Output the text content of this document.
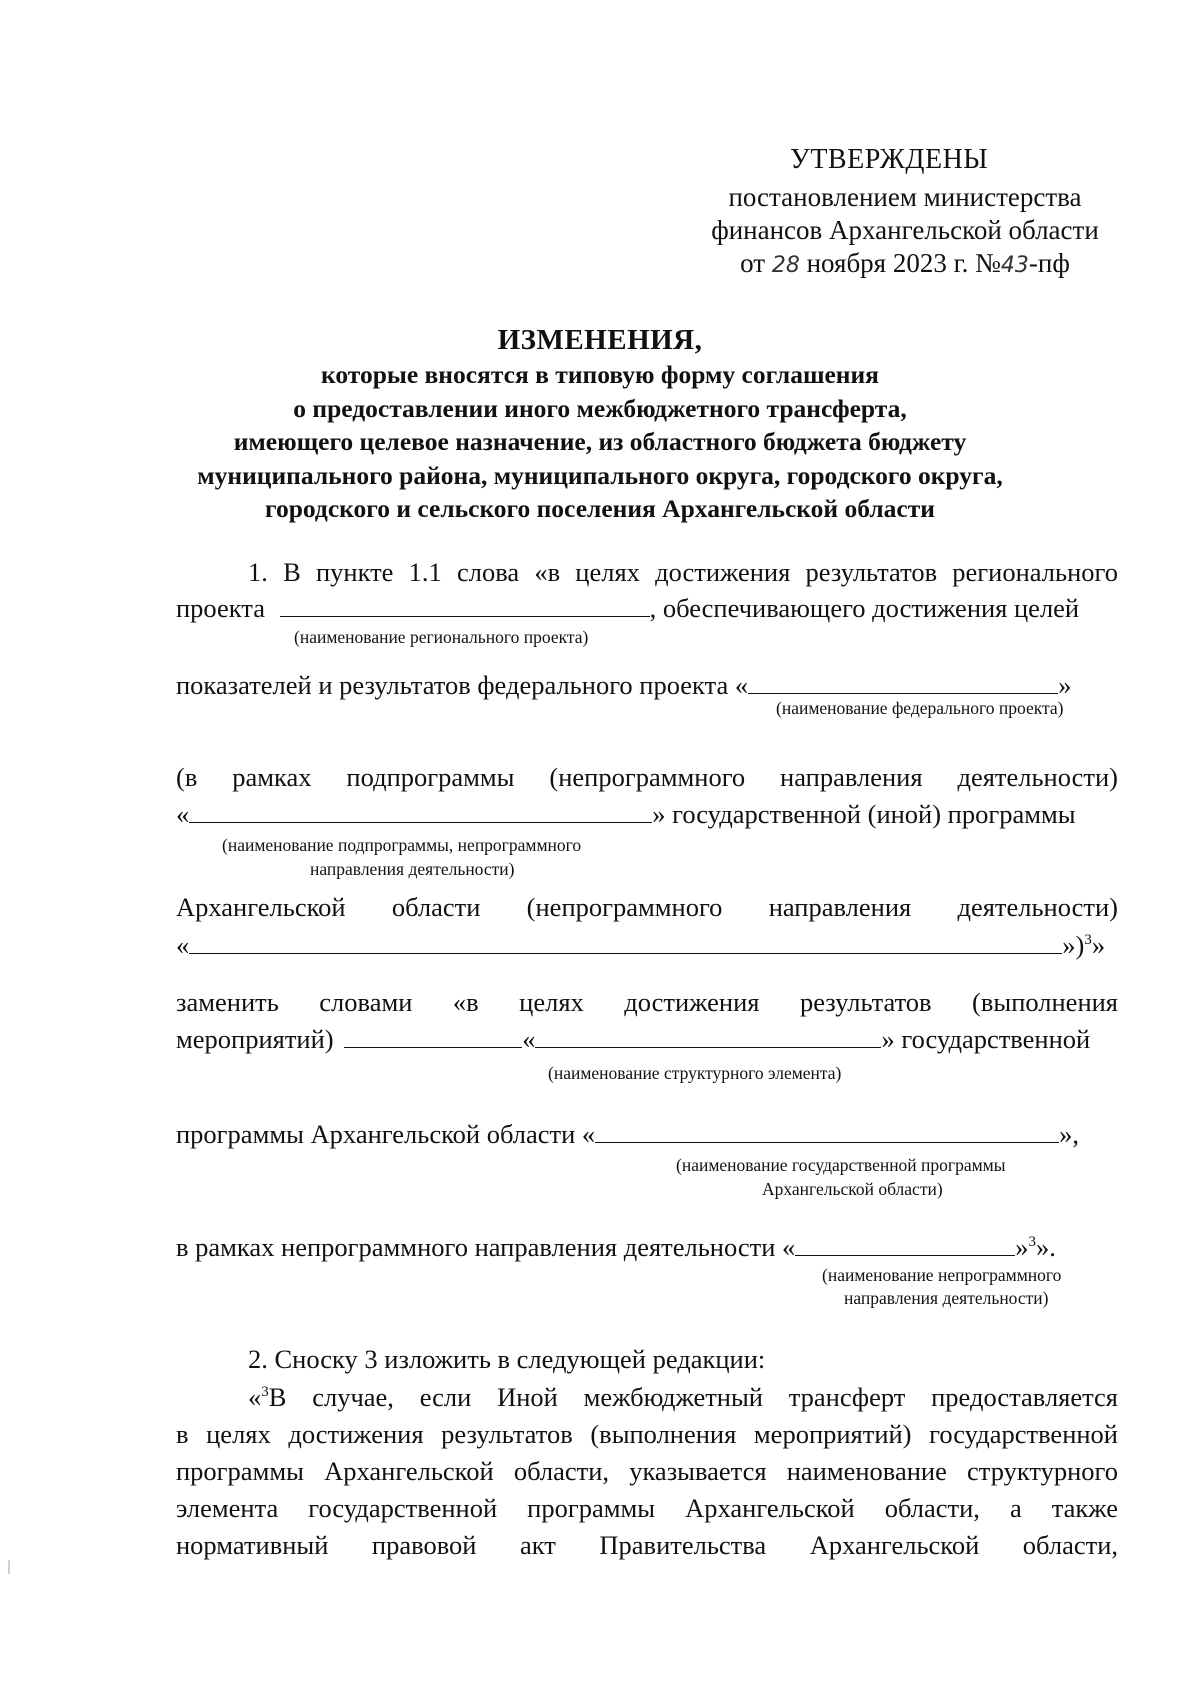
УТВЕРЖДЕНЫ
постановлением министерства
финансов Архангельской области
от 28 ноября 2023 г. №43-пф
ИЗМЕНЕНИЯ,
которые вносятся в типовую форму соглашения
о предоставлении иного межбюджетного трансферта,
имеющего целевое назначение, из областного бюджета бюджету
муниципального района, муниципального округа, городского округа,
городского и сельского поселения Архангельской области
1. В пункте 1.1 слова «в целях достижения результатов регионального
проекта	, обеспечивающего достижения целей
(наименование регионального проекта)
показателей и результатов федерального проекта «	»
(наименование федерального проекта)
(в рамках подпрограммы (непрограммного направления деятельности)
«	» государственной (иной) программы
(наименование подпрограммы, непрограммного
направления деятельности)
Архангельской области (непрограммного направления деятельности)
«	»)$^3$»
заменить словами «в целях достижения результатов (выполнения
мероприятий)	«	» государственной
(наименование структурного элемента)
программы Архангельской области «	»,
(наименование государственной программы
Архангельской области)
в рамках непрограммного направления деятельности «	»$^3$».
(наименование непрограммного
направления деятельности)
2. Сноску 3 изложить в следующей редакции:
«$^3$В случае, если Иной межбюджетный трансферт предоставляется
в целях достижения результатов (выполнения мероприятий) государственной
программы Архангельской области, указывается наименование структурного
элемента государственной программы Архангельской области, а также
нормативный правовой акт Правительства Архангельской области,
